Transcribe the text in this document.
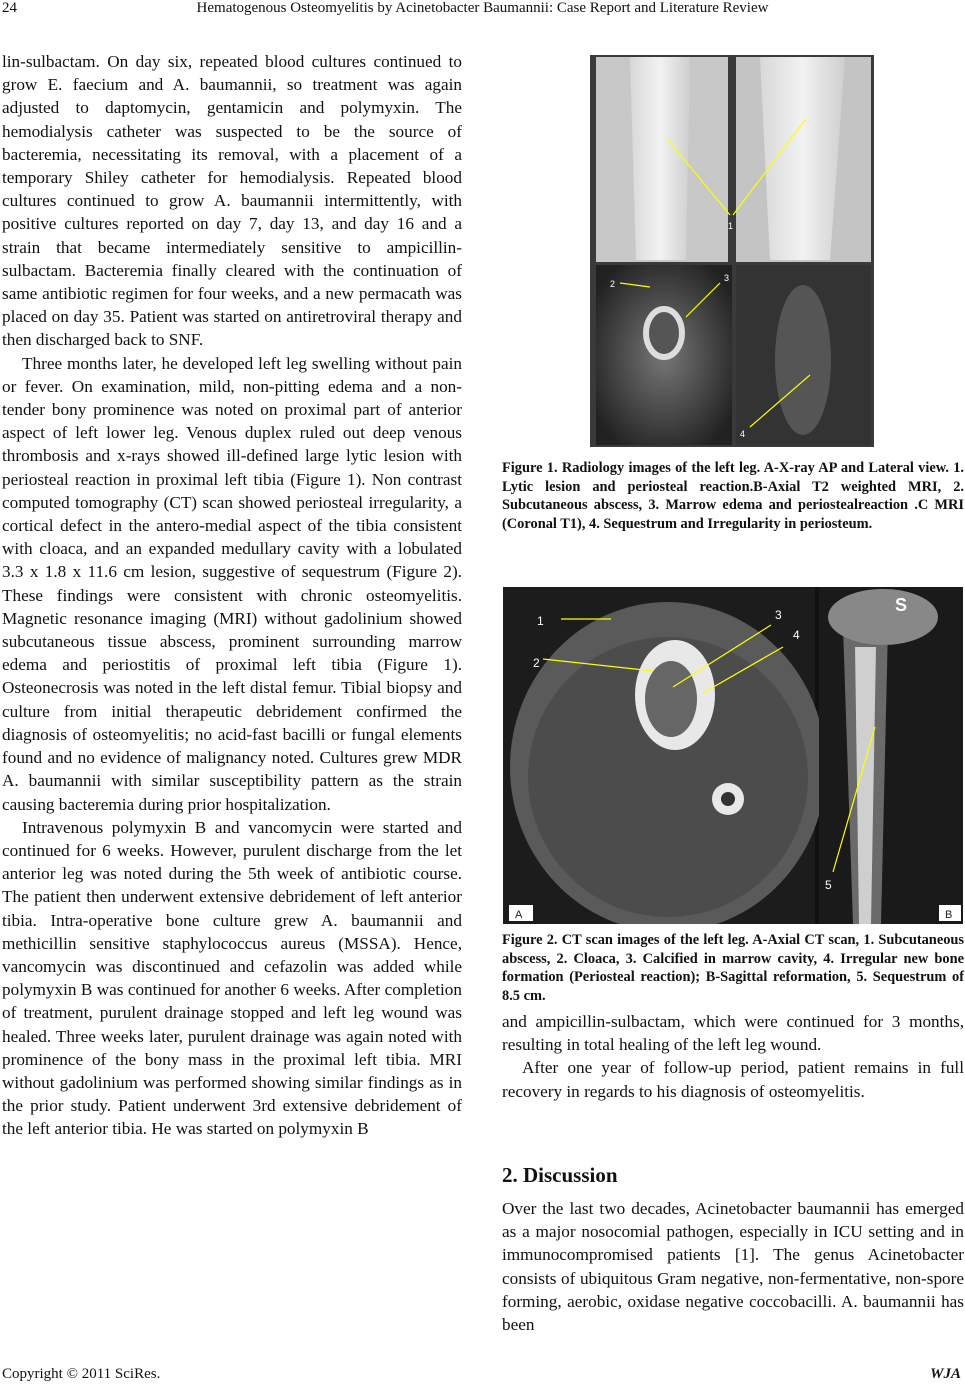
24	Hematogenous Osteomyelitis by Acinetobacter Baumannii: Case Report and Literature Review

lin-sulbactam. On day six, repeated blood cultures continued to grow E. faecium and A. baumannii, so treatment was again adjusted to daptomycin, gentamicin and polymyxin. The hemodialysis catheter was suspected to be the source of bacteremia, necessitating its removal, with a placement of a temporary Shiley catheter for hemodialysis. Repeated blood cultures continued to grow A. baumannii intermittently, with positive cultures reported on day 7, day 13, and day 16 and a strain that became intermediately sensitive to ampicillin-sulbactam. Bacteremia finally cleared with the continuation of same antibiotic regimen for four weeks, and a new permacath was placed on day 35. Patient was started on antiretroviral therapy and then discharged back to SNF.

Three months later, he developed left leg swelling without pain or fever. On examination, mild, non-pitting edema and a non-tender bony prominence was noted on proximal part of anterior aspect of left lower leg. Venous duplex ruled out deep venous thrombosis and x-rays showed ill-defined large lytic lesion with periosteal reaction in proximal left tibia (Figure 1). Non contrast computed tomography (CT) scan showed periosteal irregularity, a cortical defect in the antero-medial aspect of the tibia consistent with cloaca, and an expanded medullary cavity with a lobulated 3.3 x 1.8 x 11.6 cm lesion, suggestive of sequestrum (Figure 2). These findings were consistent with chronic osteomyelitis. Magnetic resonance imaging (MRI) without gadolinium showed subcutaneous tissue abscess, prominent surrounding marrow edema and periostitis of proximal left tibia (Figure 1). Osteonecrosis was noted in the left distal femur. Tibial biopsy and culture from initial therapeutic debridement confirmed the diagnosis of osteomyelitis; no acid-fast bacilli or fungal elements found and no evidence of malignancy noted. Cultures grew MDR A. baumannii with similar susceptibility pattern as the strain causing bacteremia during prior hospitalization.

Intravenous polymyxin B and vancomycin were started and continued for 6 weeks. However, purulent discharge from the let anterior leg was noted during the 5th week of antibiotic course. The patient then underwent extensive debridement of left anterior tibia. Intra-operative bone culture grew A. baumannii and methicillin sensitive staphylococcus aureus (MSSA). Hence, vancomycin was discontinued and cefazolin was added while polymyxin B was continued for another 6 weeks. After completion of treatment, purulent drainage stopped and left leg wound was healed. Three weeks later, purulent drainage was again noted with prominence of the bony mass in the proximal left tibia. MRI without gadolinium was performed showing similar findings as in the prior study. Patient underwent 3rd extensive debridement of the left anterior tibia. He was started on polymyxin B

1
2
3
4
Figure 1. Radiology images of the left leg. A-X-ray AP and Lateral view. 1. Lytic lesion and periosteal reaction.B-Axial T2 weighted MRI, 2. Subcutaneous abscess, 3. Marrow edema and periostealreaction .C MRI (Coronal T1), 4. Sequestrum and Irregularity in periosteum.
1
2
3
4
5
S
A	B
Figure 2. CT scan images of the left leg. A-Axial CT scan, 1. Subcutaneous abscess, 2. Cloaca, 3. Calcified in marrow cavity, 4. Irregular new bone formation (Periosteal reaction); B-Sagittal reformation, 5. Sequestrum of 8.5 cm.

and ampicillin-sulbactam, which were continued for 3 months, resulting in total healing of the left leg wound.

After one year of follow-up period, patient remains in full recovery in regards to his diagnosis of osteomyelitis.

2. Discussion

Over the last two decades, Acinetobacter baumannii has emerged as a major nosocomial pathogen, especially in ICU setting and in immunocompromised patients [1]. The genus Acinetobacter consists of ubiquitous Gram negative, non-fermentative, non-spore forming, aerobic, oxidase negative coccobacilli. A. baumannii has been

Copyright © 2011 SciRes.	WJA
